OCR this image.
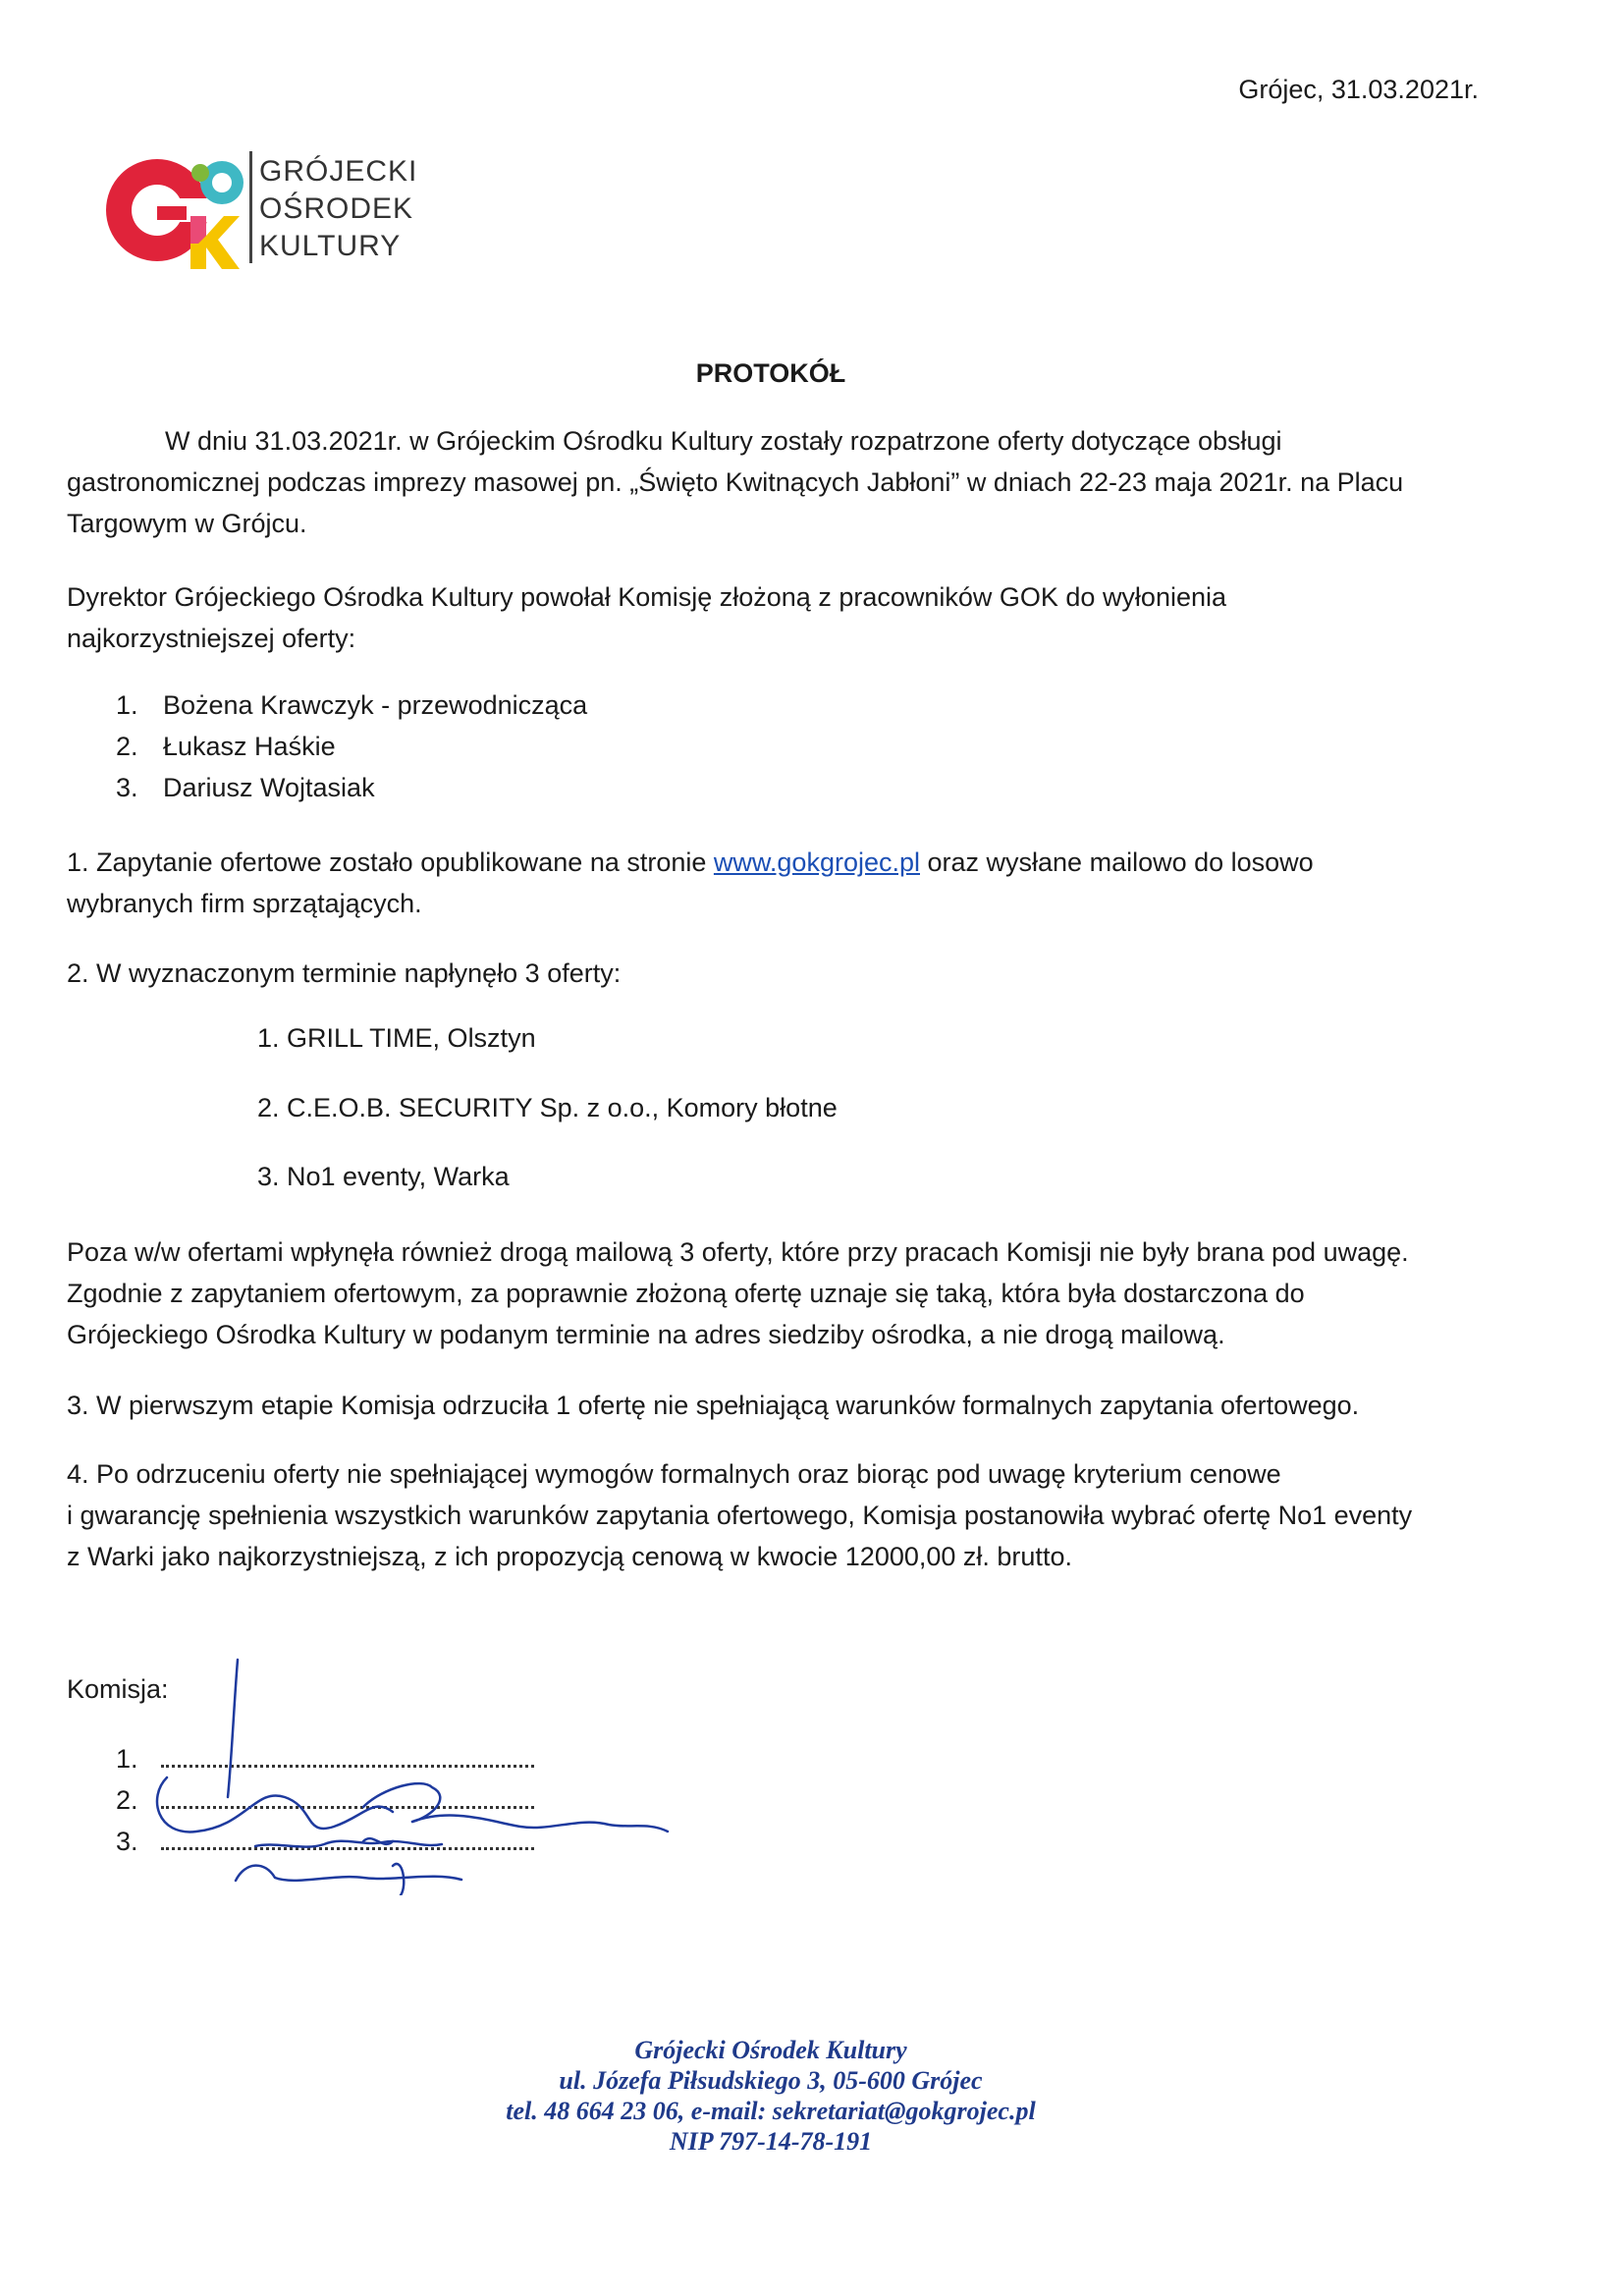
Grójec, 31.03.2021r.
GRÓJECKI
OŚRODEK
KULTURY
PROTOKÓŁ
W dniu 31.03.2021r. w Grójeckim Ośrodku Kultury zostały rozpatrzone oferty dotyczące obsługi
gastronomicznej podczas imprezy masowej pn. „Święto Kwitnących Jabłoni” w dniach 22-23 maja 2021r. na Placu
Targowym w Grójcu.
Dyrektor Grójeckiego Ośrodka Kultury powołał Komisję złożoną z pracowników GOK do wyłonienia
najkorzystniejszej oferty:
1. Bożena Krawczyk - przewodnicząca
2. Łukasz Haśkie
3. Dariusz Wojtasiak
1. Zapytanie ofertowe zostało opublikowane na stronie www.gokgrojec.pl oraz wysłane mailowo do losowo
wybranych firm sprzątających.
2. W wyznaczonym terminie napłynęło 3 oferty:
1. GRILL TIME, Olsztyn
2. C.E.O.B. SECURITY Sp. z o.o., Komory błotne
3. No1 eventy, Warka
Poza w/w ofertami wpłynęła również drogą mailową 3 oferty, które przy pracach Komisji nie były brana pod uwagę.
Zgodnie z zapytaniem ofertowym, za poprawnie złożoną ofertę uznaje się taką, która była dostarczona do
Grójeckiego Ośrodka Kultury w podanym terminie na adres siedziby ośrodka, a nie drogą mailową.
3. W pierwszym etapie Komisja odrzuciła 1 ofertę nie spełniającą warunków formalnych zapytania ofertowego.
4. Po odrzuceniu oferty nie spełniającej wymogów formalnych oraz biorąc pod uwagę kryterium cenowe
i gwarancję spełnienia wszystkich warunków zapytania ofertowego, Komisja postanowiła wybrać ofertę No1 eventy
z Warki jako najkorzystniejszą, z ich propozycją cenową w kwocie 12000,00 zł. brutto.
Komisja:
1.
2.
3.
Grójecki Ośrodek Kultury
ul. Józefa Piłsudskiego 3, 05-600 Grójec
tel. 48 664 23 06, e-mail: sekretariat@gokgrojec.pl
NIP 797-14-78-191
